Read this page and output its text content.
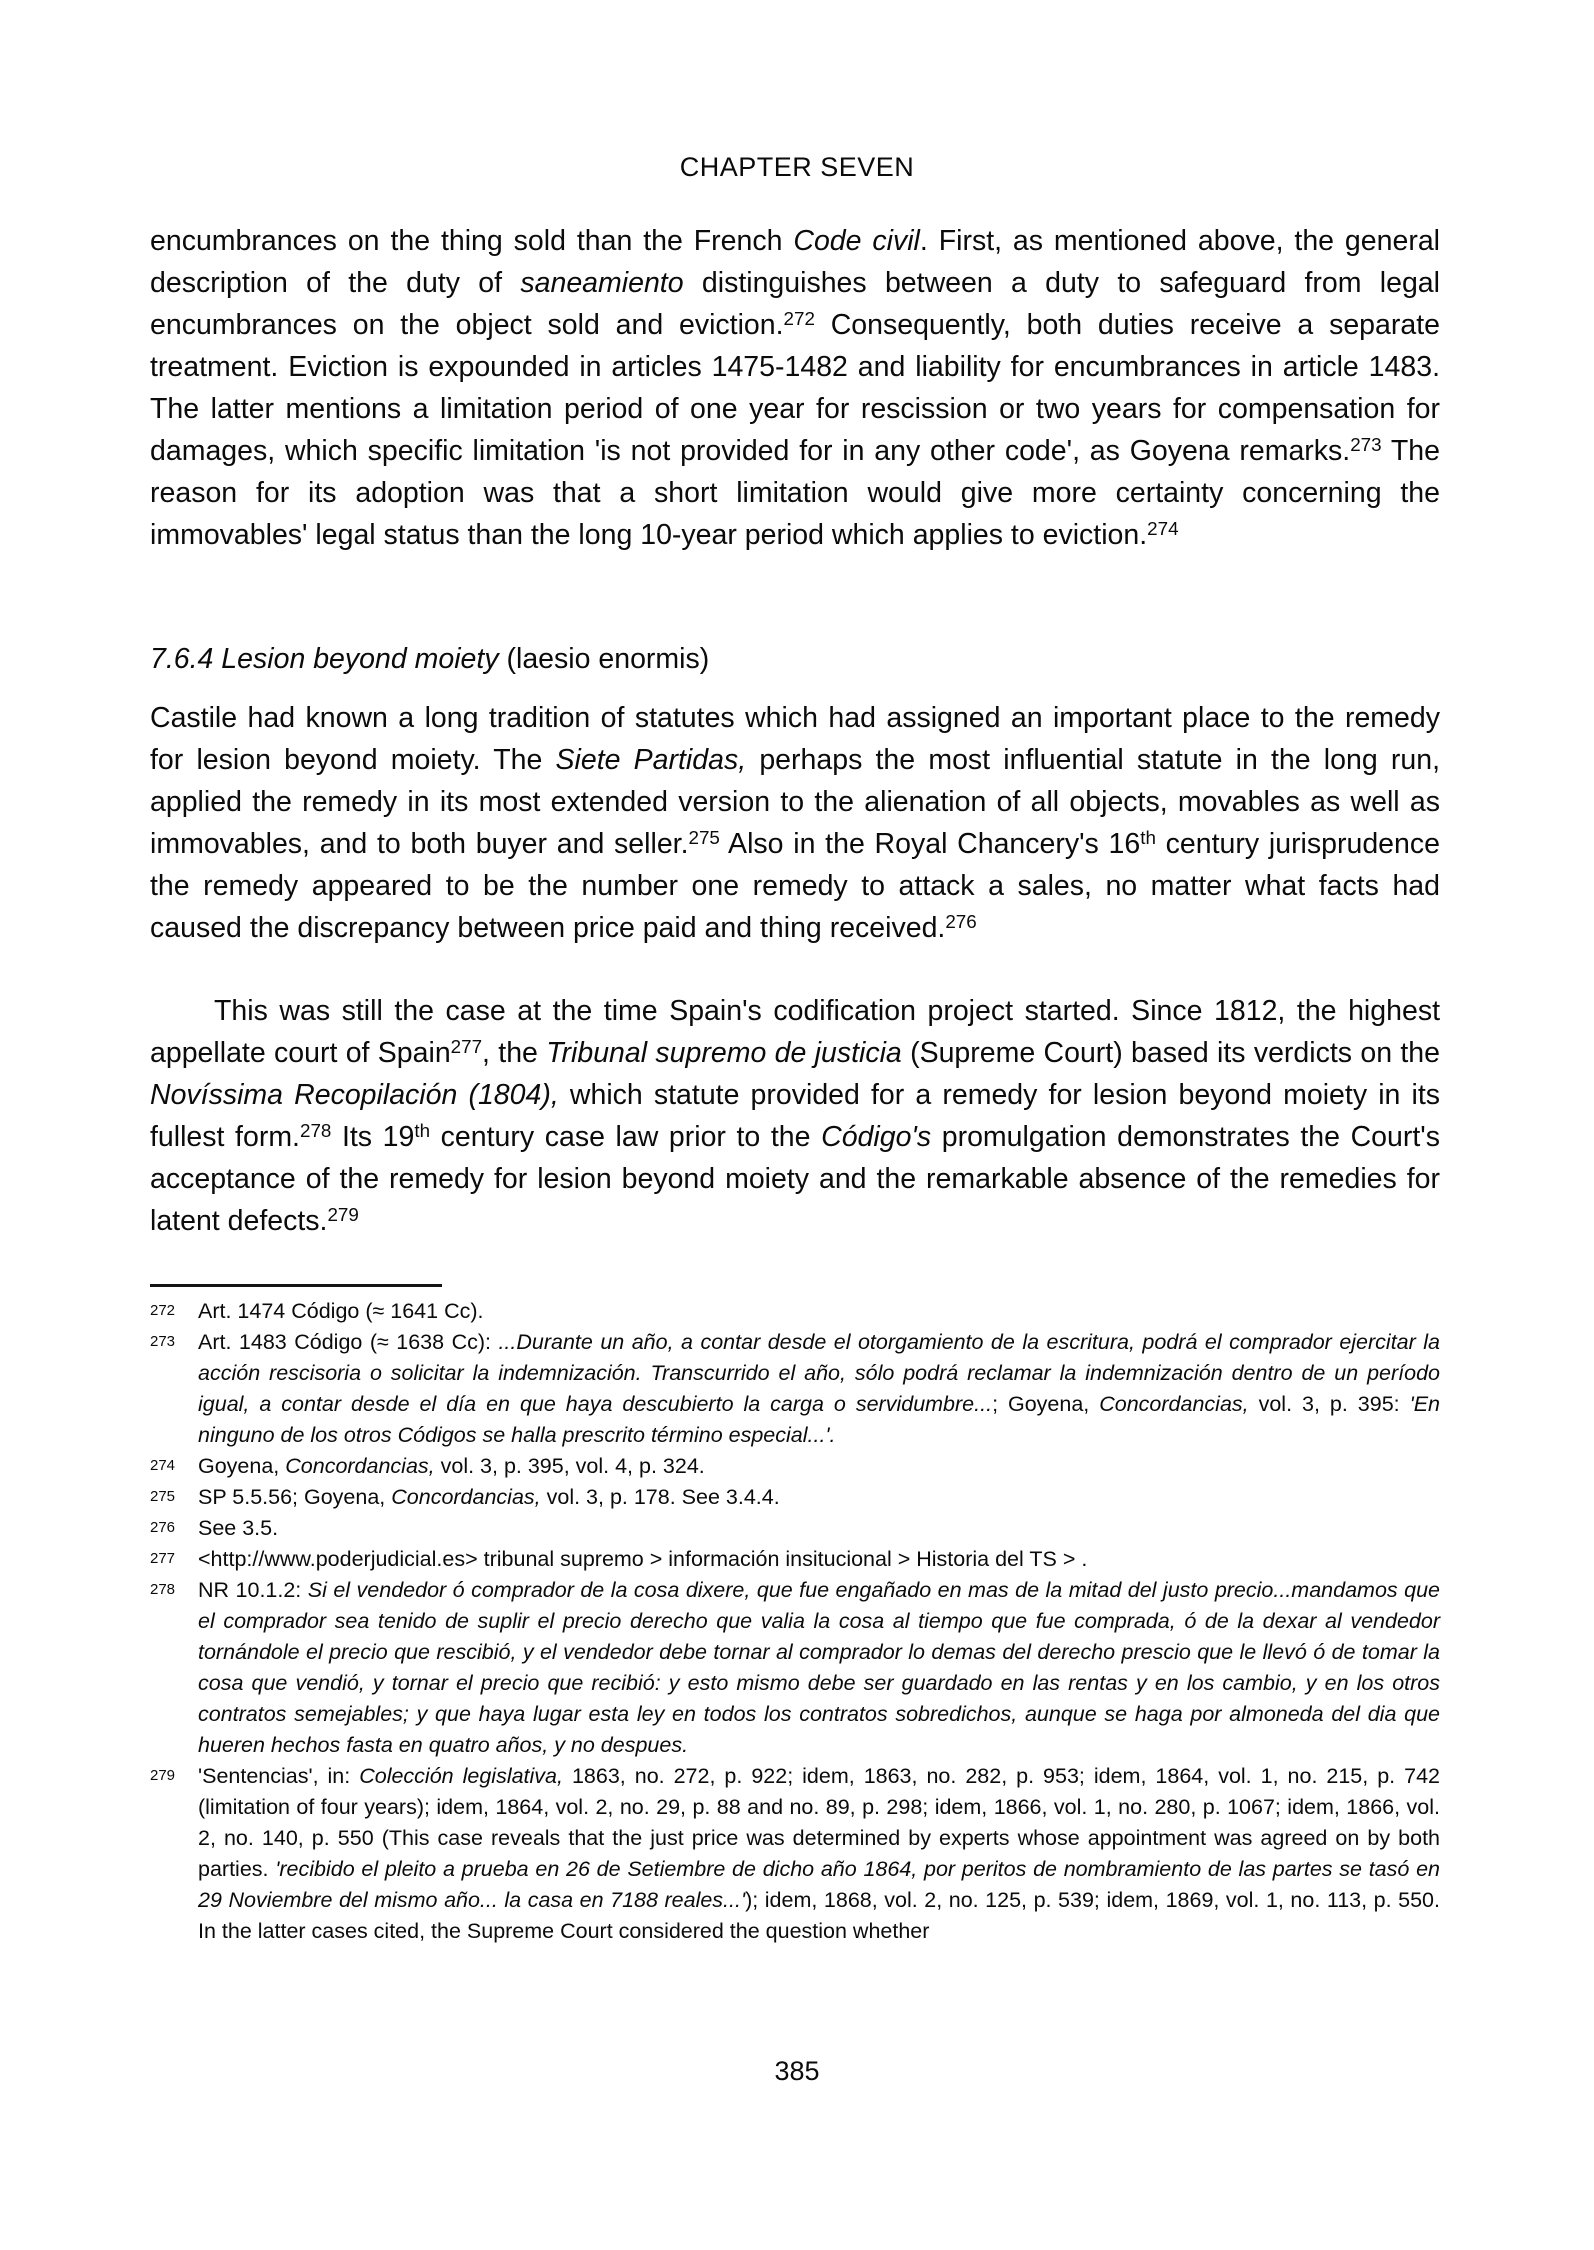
CHAPTER SEVEN

encumbrances on the thing sold than the French Code civil. First, as mentioned above, the general description of the duty of saneamiento distinguishes between a duty to safeguard from legal encumbrances on the object sold and eviction.$^{272}$ Consequently, both duties receive a separate treatment. Eviction is expounded in articles 1475-1482 and liability for encumbrances in article 1483. The latter mentions a limitation period of one year for rescission or two years for compensation for damages, which specific limitation 'is not provided for in any other code', as Goyena remarks.$^{273}$ The reason for its adoption was that a short limitation would give more certainty concerning the immovables' legal status than the long 10-year period which applies to eviction.$^{274}$

7.6.4 Lesion beyond moiety (laesio enormis)

Castile had known a long tradition of statutes which had assigned an important place to the remedy for lesion beyond moiety. The Siete Partidas, perhaps the most influential statute in the long run, applied the remedy in its most extended version to the alienation of all objects, movables as well as immovables, and to both buyer and seller.$^{275}$ Also in the Royal Chancery's 16th century jurisprudence the remedy appeared to be the number one remedy to attack a sales, no matter what facts had caused the discrepancy between price paid and thing received.$^{276}$

This was still the case at the time Spain's codification project started. Since 1812, the highest appellate court of Spain$^{277}$, the Tribunal supremo de justicia (Supreme Court) based its verdicts on the Novíssima Recopilación (1804), which statute provided for a remedy for lesion beyond moiety in its fullest form.$^{278}$ Its 19th century case law prior to the Código's promulgation demonstrates the Court's acceptance of the remedy for lesion beyond moiety and the remarkable absence of the remedies for latent defects.$^{279}$

272 Art. 1474 Código (≈ 1641 Cc).
273 Art. 1483 Código (≈ 1638 Cc): ...Durante un año, a contar desde el otorgamiento de la escritura, podrá el comprador ejercitar la acción rescisoria o solicitar la indemnización. Transcurrido el año, sólo podrá reclamar la indemnización dentro de un período igual, a contar desde el día en que haya descubierto la carga o servidumbre...; Goyena, Concordancias, vol. 3, p. 395: 'En ninguno de los otros Códigos se halla prescrito término especial...'.
274 Goyena, Concordancias, vol. 3, p. 395, vol. 4, p. 324.
275 SP 5.5.56; Goyena, Concordancias, vol. 3, p. 178. See 3.4.4.
276 See 3.5.
277 <http://www.poderjudicial.es> tribunal supremo > información insitucional > Historia del TS > .
278 NR 10.1.2: Si el vendedor ó comprador de la cosa dixere, que fue engañado en mas de la mitad del justo precio...mandamos que el comprador sea tenido de suplir el precio derecho que valia la cosa al tiempo que fue comprada, ó de la dexar al vendedor tornándole el precio que rescibió, y el vendedor debe tornar al comprador lo demas del derecho prescio que le llevó ó de tomar la cosa que vendió, y tornar el precio que recibió: y esto mismo debe ser guardado en las rentas y en los cambio, y en los otros contratos semejables; y que haya lugar esta ley en todos los contratos sobredichos, aunque se haga por almoneda del dia que hueren hechos fasta en quatro años, y no despues.
279 'Sentencias', in: Colección legislativa, 1863, no. 272, p. 922; idem, 1863, no. 282, p. 953; idem, 1864, vol. 1, no. 215, p. 742 (limitation of four years); idem, 1864, vol. 2, no. 29, p. 88 and no. 89, p. 298; idem, 1866, vol. 1, no. 280, p. 1067; idem, 1866, vol. 2, no. 140, p. 550 (This case reveals that the just price was determined by experts whose appointment was agreed on by both parties. 'recibido el pleito a prueba en 26 de Setiembre de dicho año 1864, por peritos de nombramiento de las partes se tasó en 29 Noviembre del mismo año... la casa en 7188 reales...'); idem, 1868, vol. 2, no. 125, p. 539; idem, 1869, vol. 1, no. 113, p. 550. In the latter cases cited, the Supreme Court considered the question whether
385
